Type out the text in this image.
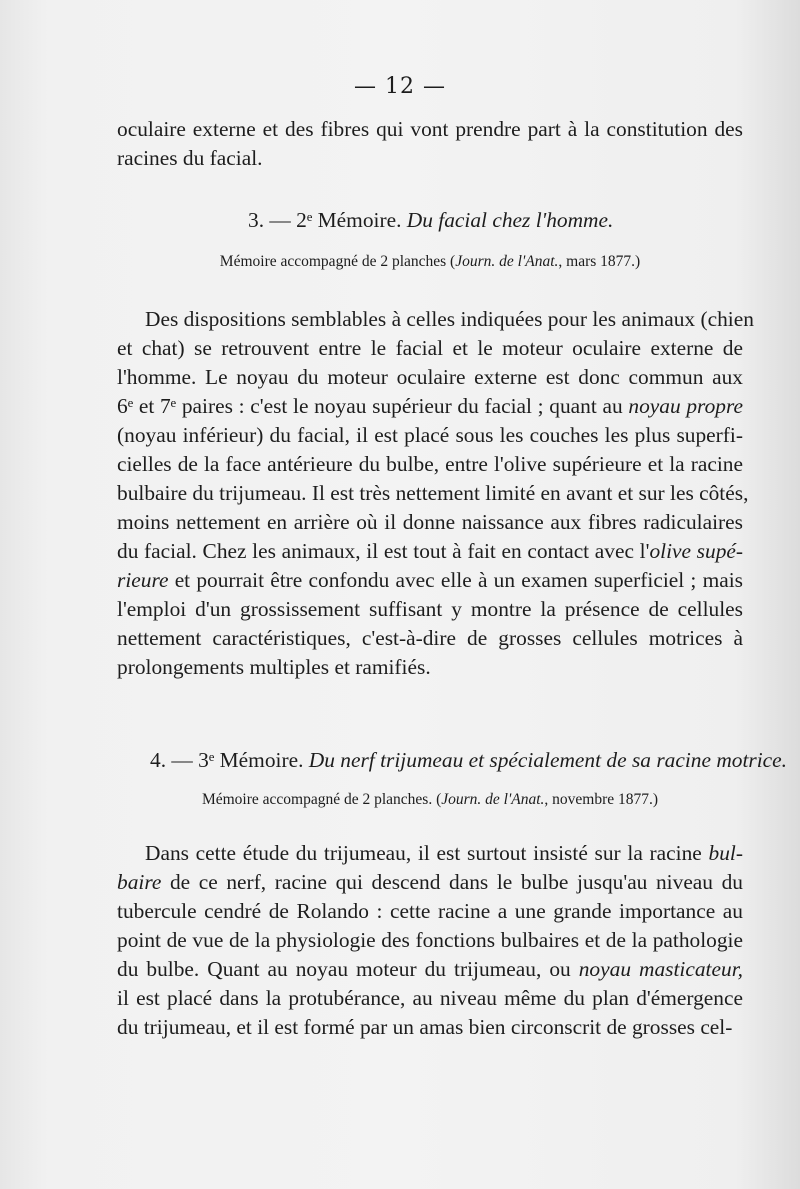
— 12 —
oculaire externe et des fibres qui vont prendre part à la constitution des
racines du facial.
3. — 2ᵉ Mémoire. Du facial chez l'homme.
Mémoire accompagné de 2 planches (Journ. de l'Anat., mars 1877.)
Des dispositions semblables à celles indiquées pour les animaux (chien
et chat) se retrouvent entre le facial et le moteur oculaire externe de
l'homme. Le noyau du moteur oculaire externe est donc commun aux
6ᵉ et 7ᵉ paires : c'est le noyau supérieur du facial ; quant au noyau propre
(noyau inférieur) du facial, il est placé sous les couches les plus superfi-
cielles de la face antérieure du bulbe, entre l'olive supérieure et la racine
bulbaire du trijumeau. Il est très nettement limité en avant et sur les côtés,
moins nettement en arrière où il donne naissance aux fibres radiculaires
du facial. Chez les animaux, il est tout à fait en contact avec l'olive supé-
rieure et pourrait être confondu avec elle à un examen superficiel ; mais
l'emploi d'un grossissement suffisant y montre la présence de cellules
nettement caractéristiques, c'est-à-dire de grosses cellules motrices à
prolongements multiples et ramifiés.
4. — 3ᵉ Mémoire. Du nerf trijumeau et spécialement de sa racine motrice.
Mémoire accompagné de 2 planches. (Journ. de l'Anat., novembre 1877.)
Dans cette étude du trijumeau, il est surtout insisté sur la racine bul-
baire de ce nerf, racine qui descend dans le bulbe jusqu'au niveau du
tubercule cendré de Rolando : cette racine a une grande importance au
point de vue de la physiologie des fonctions bulbaires et de la pathologie
du bulbe. Quant au noyau moteur du trijumeau, ou noyau masticateur,
il est placé dans la protubérance, au niveau même du plan d'émergence
du trijumeau, et il est formé par un amas bien circonscrit de grosses cel-
